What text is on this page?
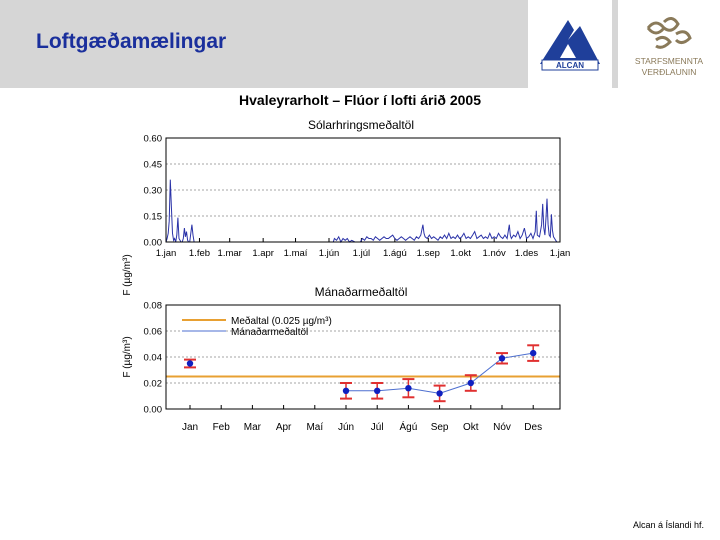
Loftgæðamælingar
ALCAN	STARFSMENNTA
VERÐLAUNIN
Hvaleyrarholt – Flúor í lofti árið 2005
Sólarhringsmeðaltöl
F (µg/m³)
0.00
0.15
0.30
0.45
0.60
1.jan 1.feb 1.mar 1.apr 1.maí 1.jún 1.júl 1.ágú 1.sep 1.okt 1.nóv 1.des 1.jan
Mánaðarmeðaltöl
F (µg/m³)
0.00
0.02
0.04
0.06
0.08
Jan Feb Mar Apr Maí Jún Júl Ágú Sep Okt Nóv Des
Meðaltal (0.025 µg/m³)
Mánaðarmeðaltöl
Alcan á Íslandi hf.
